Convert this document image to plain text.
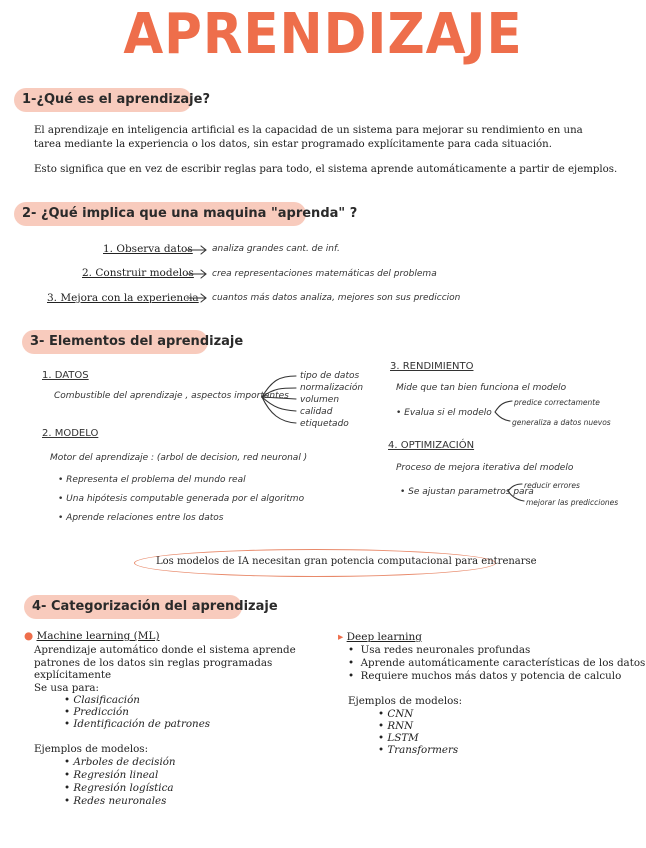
APRENDIZAJE
1-¿Qué es el aprendizaje?
El aprendizaje en inteligencia artificial es la capacidad de un sistema para mejorar su rendimiento en una tarea mediante la experiencia o los datos, sin estar programado explícitamente para cada situación.
Esto significa que en vez de escribir reglas para todo, el sistema aprende automáticamente a partir de ejemplos.
2- ¿Qué implica que una maquina "aprenda" ?
1. Observa datos analiza grandes cant. de inf.
2. Construir modelos crea representaciones matemáticas del problema
3. Mejora con la experiencia cuantos más datos analiza, mejores son sus prediccion
3- Elementos del aprendizaje
1. DATOS
Combustible del aprendizaje , aspectos importantes
tipo de datos
normalización
volumen
calidad
etiquetado
2. MODELO
Motor del aprendizaje : (arbol de decision, red neuronal )
• Representa el problema del mundo real
• Una hipótesis computable generada por el algoritmo
• Aprende relaciones entre los datos
3. RENDIMIENTO
Mide que tan bien funciona el modelo
• Evalua si el modelo
predice correctamente
generaliza a datos nuevos
4. OPTIMIZACIÓN
Proceso de mejora iterativa del modelo
• Se ajustan parametros para
reducir errores
mejorar las predicciones
Los modelos de IA necesitan gran potencia computacional para entrenarse
4- Categorización del aprendizaje
● Machine learning (ML)
Aprendizaje automático donde el sistema aprende patrones de los datos sin reglas programadas explícitamente
Se usa para:
• Clasificación
• Predicción
• Identificación de patrones
Ejemplos de modelos:
• Arboles de decisión
• Regresión lineal
• Regresión logística
• Redes neuronales
▸ Deep learning
•  Usa redes neuronales profundas
•  Aprende automáticamente características de los datos
•  Requiere muchos más datos y potencia de calculo
Ejemplos de modelos:
• CNN
• RNN
• LSTM
• Transformers
